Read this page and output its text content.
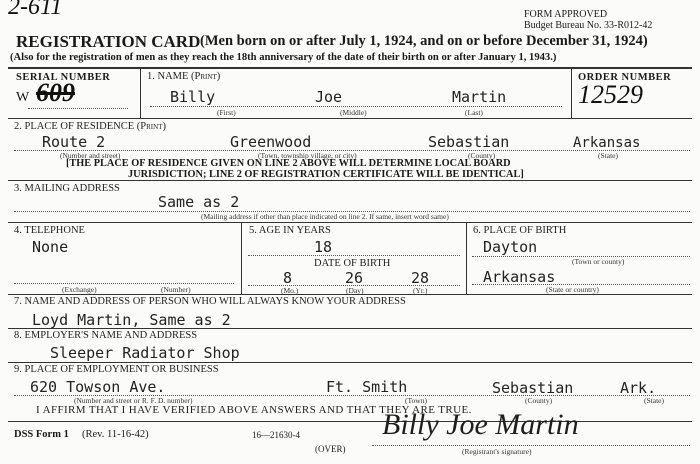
2-611	FORM APPROVED
Budget Bureau No. 33-R012-42
REGISTRATION CARD (Men born on or after July 1, 1924, and on or before December 31, 1924)
(Also for the registration of men as they reach the 18th anniversary of the date of their birth on or after January 1, 1943.)
SERIAL NUMBER
W 609
1. NAME (Print)
Billy	Joe	Martin
(First)	(Middle)	(Last)
ORDER NUMBER
12529
2. PLACE OF RESIDENCE (Print)
Route 2	Greenwood	Sebastian	Arkansas
(Number and street)	(Town, township village, or city)	(County)	(State)
[THE PLACE OF RESIDENCE GIVEN ON LINE 2 ABOVE WILL DETERMINE LOCAL BOARD
JURISDICTION; LINE 2 OF REGISTRATION CERTIFICATE WILL BE IDENTICAL]
3. MAILING ADDRESS
Same as 2
(Mailing address if other than place indicated on line 2. If same, insert word same)
4. TELEPHONE
None
(Exchange)	(Number)
5. AGE IN YEARS
18
DATE OF BIRTH
8	26	28
(Mo.)	(Day)	(Yr.)
6. PLACE OF BIRTH
Dayton
(Town or county)
Arkansas
(State or country)
7. NAME AND ADDRESS OF PERSON WHO WILL ALWAYS KNOW YOUR ADDRESS
Loyd Martin, Same as 2
8. EMPLOYER'S NAME AND ADDRESS
Sleeper Radiator Shop
9. PLACE OF EMPLOYMENT OR BUSINESS
620 Towson Ave.	Ft. Smith	Sebastian	Ark.
(Number and street or R. F. D. number)	(Town)	(County)	(State)
I AFFIRM THAT I HAVE VERIFIED ABOVE ANSWERS AND THAT THEY ARE TRUE.
DSS Form 1 (Rev. 11-16-42)	16—21630-4
(OVER)
Billy Joe Martin
(Registrant's signature)
